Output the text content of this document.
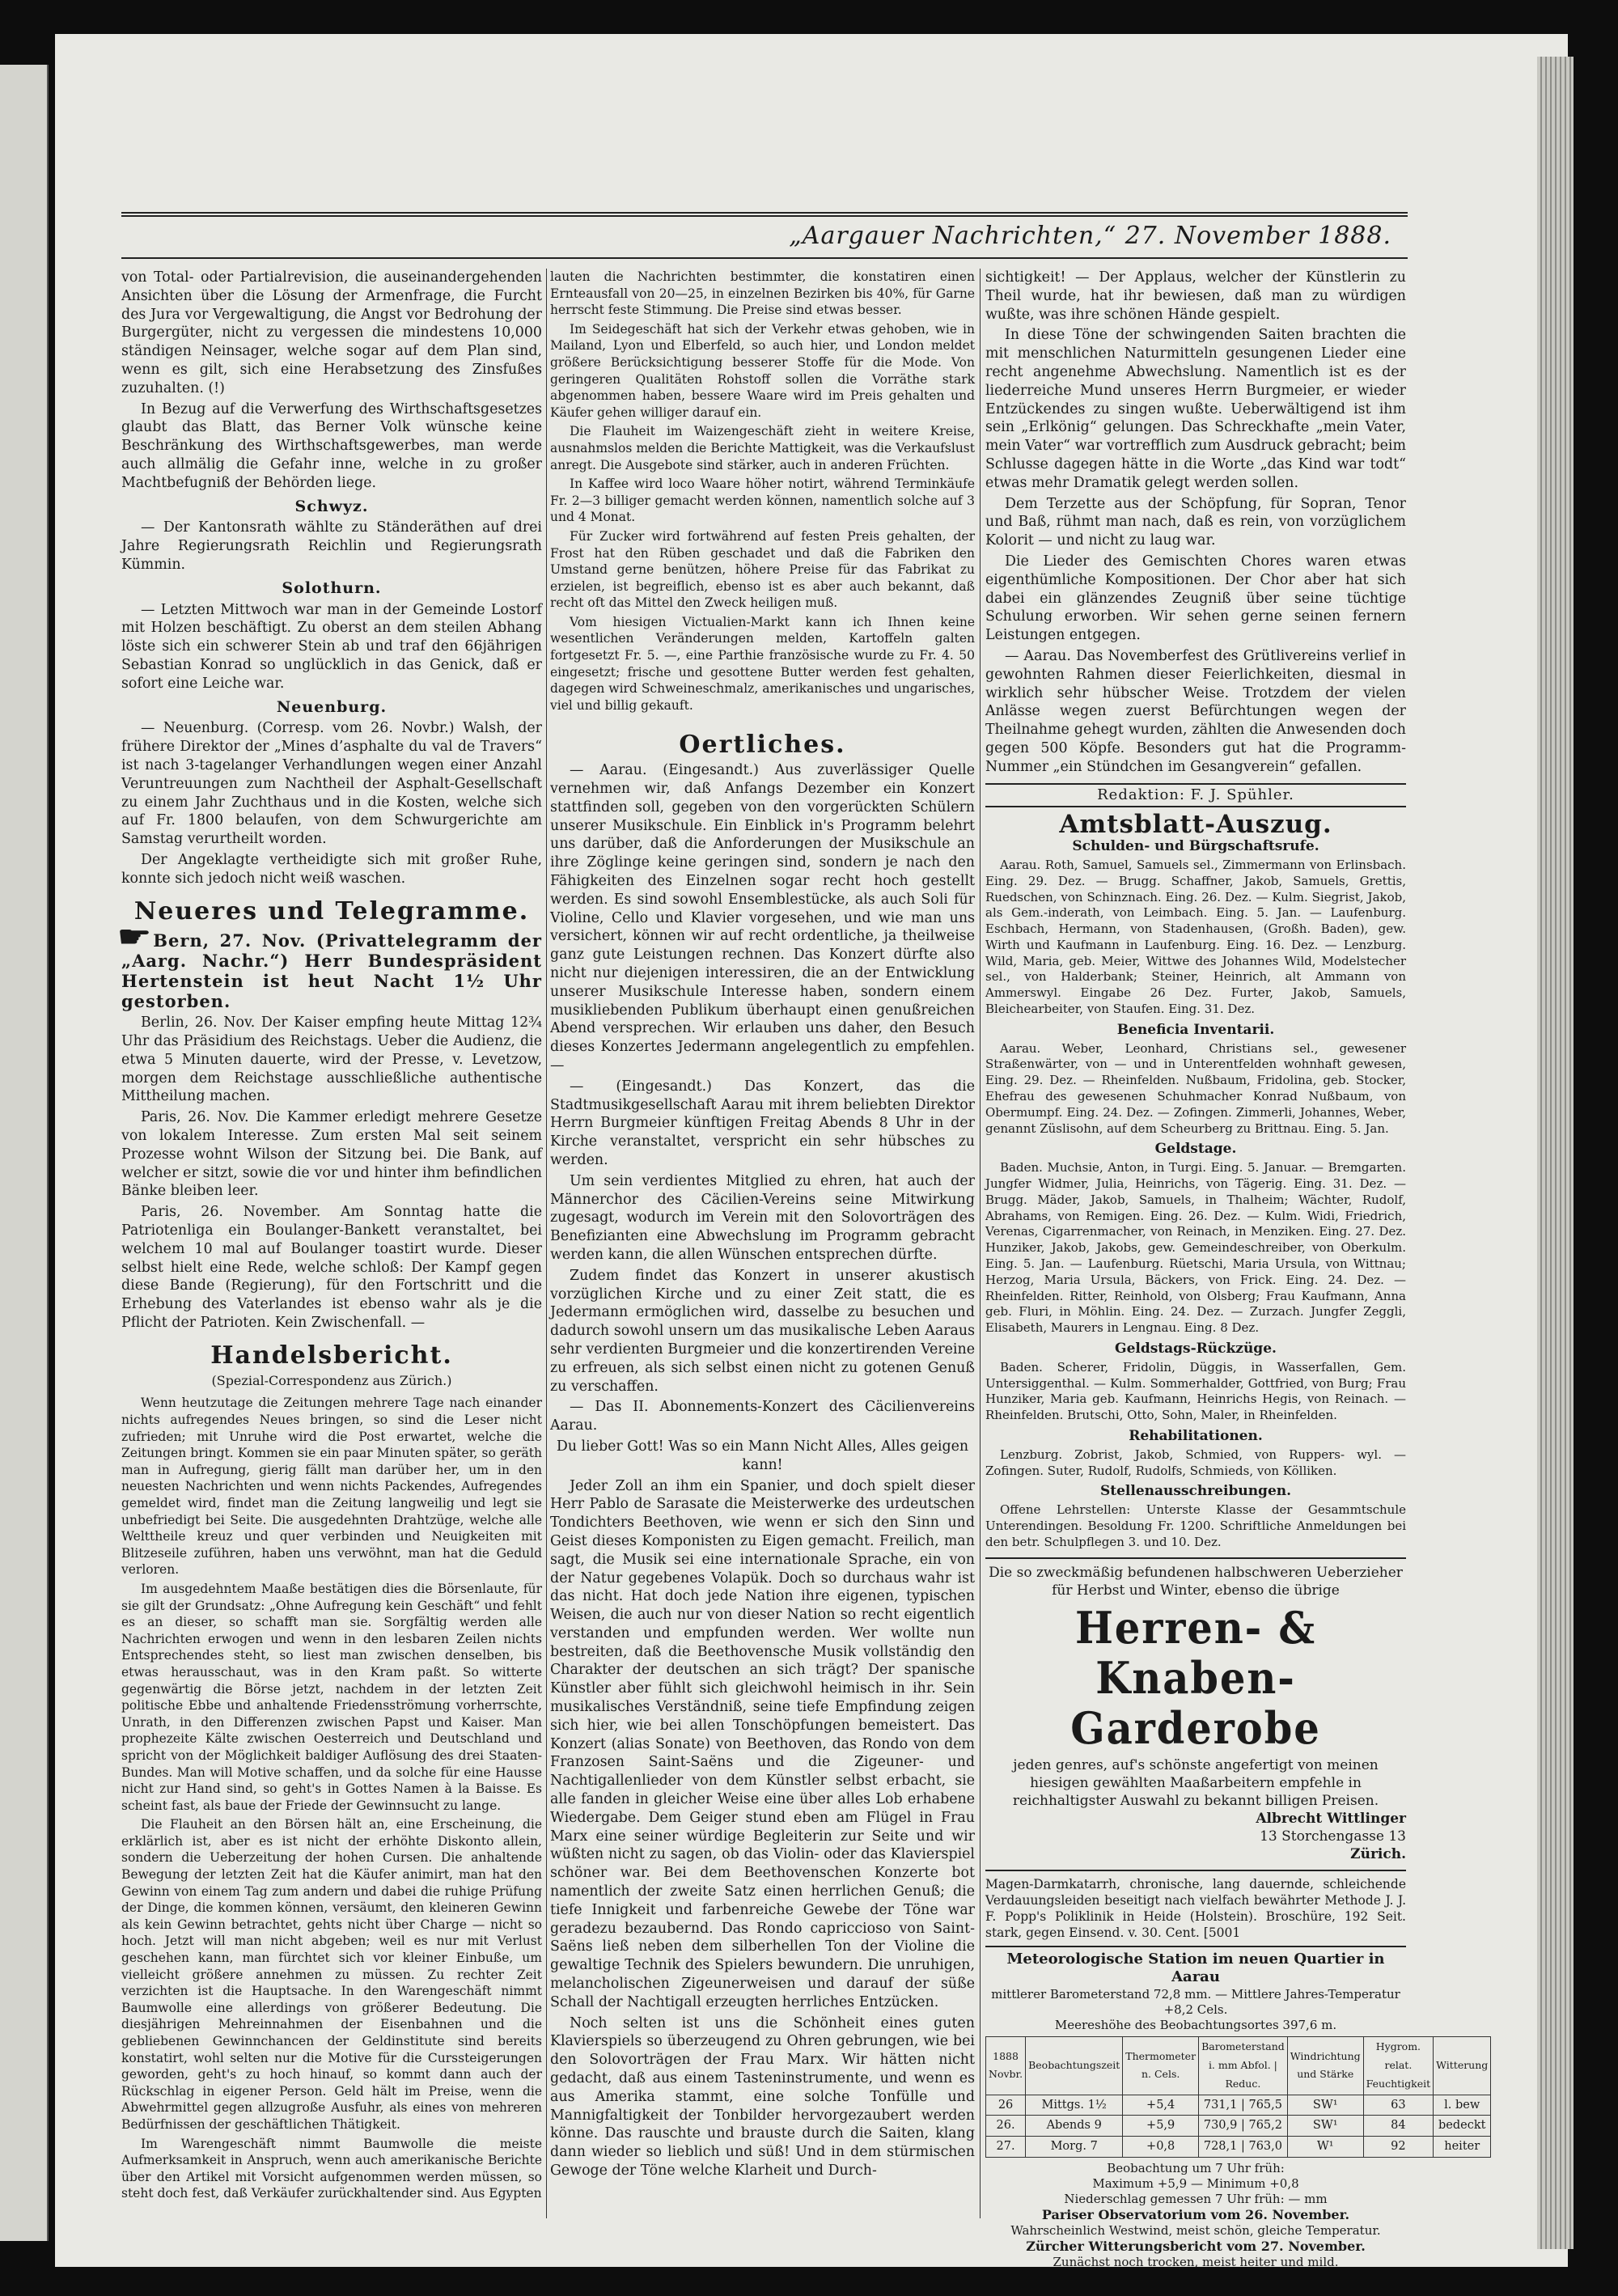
„Aargauer Nachrichten,“ 27. November 1888.

von Total- oder Partialrevision, die auseinandergehenden Ansichten über die Lösung der Armenfrage, die Furcht des Jura vor Vergewaltigung, die Angst vor Bedrohung der Burgergüter, nicht zu vergessen die mindestens 10,000 ständigen Neinsager, welche sogar auf dem Plan sind, wenn es gilt, sich eine Herabsetzung des Zinsfußes zuzuhalten. (!)

In Bezug auf die Verwerfung des Wirthschaftsgesetzes glaubt das Blatt, das Berner Volk wünsche keine Beschränkung des Wirthschaftsgewerbes, man werde auch allmälig die Gefahr inne, welche in zu großer Machtbefugniß der Behörden liege.

Schwyz.

— Der Kantonsrath wählte zu Ständeräthen auf drei Jahre Regierungsrath Reichlin und Regierungsrath Kümmin.

Solothurn.

— Letzten Mittwoch war man in der Gemeinde Lostorf mit Holzen beschäftigt. Zu oberst an dem steilen Abhang löste sich ein schwerer Stein ab und traf den 66jährigen Sebastian Konrad so unglücklich in das Genick, daß er sofort eine Leiche war.

Neuenburg.

— Neuenburg. (Corresp. vom 26. Novbr.) Walsh, der frühere Direktor der „Mines d’asphalte du val de Travers“ ist nach 3-tagelanger Verhandlungen wegen einer Anzahl Veruntreuungen zum Nachtheil der Asphalt-Gesellschaft zu einem Jahr Zuchthaus und in die Kosten, welche sich auf Fr. 1800 belaufen, von dem Schwurgerichte am Samstag verurtheilt worden.

Der Angeklagte vertheidigte sich mit großer Ruhe, konnte sich jedoch nicht weiß waschen.

Neueres und Telegramme.

☛Bern, 27. Nov. (Privattelegramm der „Aarg. Nachr.“) Herr Bundespräsident Hertenstein ist heut Nacht 1½ Uhr gestorben.

Berlin, 26. Nov. Der Kaiser empfing heute Mittag 12¾ Uhr das Präsidium des Reichstags. Ueber die Audienz, die etwa 5 Minuten dauerte, wird der Presse, v. Levetzow, morgen dem Reichstage ausschließliche authentische Mittheilung machen.

Paris, 26. Nov. Die Kammer erledigt mehrere Gesetze von lokalem Interesse. Zum ersten Mal seit seinem Prozesse wohnt Wilson der Sitzung bei. Die Bank, auf welcher er sitzt, sowie die vor und hinter ihm befindlichen Bänke bleiben leer.

Paris, 26. November. Am Sonntag hatte die Patriotenliga ein Boulanger-Bankett veranstaltet, bei welchem 10 mal auf Boulanger toastirt wurde. Dieser selbst hielt eine Rede, welche schloß: Der Kampf gegen diese Bande (Regierung), für den Fortschritt und die Erhebung des Vaterlandes ist ebenso wahr als je die Pflicht der Patrioten. Kein Zwischenfall. —

Handelsbericht.
(Spezial-Correspondenz aus Zürich.)

Wenn heutzutage die Zeitungen mehrere Tage nach einander nichts aufregendes Neues bringen, so sind die Leser nicht zufrieden; mit Unruhe wird die Post erwartet, welche die Zeitungen bringt. Kommen sie ein paar Minuten später, so geräth man in Aufregung, gierig fällt man darüber her, um in den neuesten Nachrichten und wenn nichts Packendes, Aufregendes gemeldet wird, findet man die Zeitung langweilig und legt sie unbefriedigt bei Seite. Die ausgedehnten Drahtzüge, welche alle Welttheile kreuz und quer verbinden und Neuigkeiten mit Blitzeseile zuführen, haben uns verwöhnt, man hat die Geduld verloren.

Im ausgedehntem Maaße bestätigen dies die Börsenlaute, für sie gilt der Grundsatz: „Ohne Aufregung kein Geschäft“ und fehlt es an dieser, so schafft man sie. Sorgfältig werden alle Nachrichten erwogen und wenn in den lesbaren Zeilen nichts Entsprechendes steht, so liest man zwischen denselben, bis etwas herausschaut, was in den Kram paßt. So witterte gegenwärtig die Börse jetzt, nachdem in der letzten Zeit politische Ebbe und anhaltende Friedensströmung vorherrschte, Unrath, in den Differenzen zwischen Papst und Kaiser. Man prophezeite Kälte zwischen Oesterreich und Deutschland und spricht von der Möglichkeit baldiger Auflösung des drei Staaten-Bundes. Man will Motive schaffen, und da solche für eine Hausse nicht zur Hand sind, so geht's in Gottes Namen à la Baisse. Es scheint fast, als baue der Friede der Gewinnsucht zu lange.

Die Flauheit an den Börsen hält an, eine Erscheinung, die erklärlich ist, aber es ist nicht der erhöhte Diskonto allein, sondern die Ueberzeitung der hohen Cursen. Die anhaltende Bewegung der letzten Zeit hat die Käufer animirt, man hat den Gewinn von einem Tag zum andern und dabei die ruhige Prüfung der Dinge, die kommen können, versäumt, den kleineren Gewinn als kein Gewinn betrachtet, gehts nicht über Charge — nicht so hoch. Jetzt will man nicht abgeben; weil es nur mit Verlust geschehen kann, man fürchtet sich vor kleiner Einbuße, um vielleicht größere annehmen zu müssen. Zu rechter Zeit verzichten ist die Hauptsache. In den Warengeschäft nimmt Baumwolle eine allerdings von größerer Bedeutung. Die diesjährigen Mehreinnahmen der Eisenbahnen und die gebliebenen Gewinnchancen der Geldinstitute sind bereits konstatirt, wohl selten nur die Motive für die Curssteigerungen geworden, geht's zu hoch hinauf, so kommt dann auch der Rückschlag in eigener Person. Geld hält im Preise, wenn die Abwehrmittel gegen allzugroße Ausfuhr, als eines von mehreren Bedürfnissen der geschäftlichen Thätigkeit.

Im Warengeschäft nimmt Baumwolle die meiste Aufmerksamkeit in Anspruch, wenn auch amerikanische Berichte über den Artikel mit Vorsicht aufgenommen werden müssen, so steht doch fest, daß Verkäufer zurückhaltender sind. Aus Egypten

lauten die Nachrichten bestimmter, die konstatiren einen Ernteausfall von 20—25, in einzelnen Bezirken bis 40%, für Garne herrscht feste Stimmung. Die Preise sind etwas besser.

Im Seidegeschäft hat sich der Verkehr etwas gehoben, wie in Mailand, Lyon und Elberfeld, so auch hier, und London meldet größere Berücksichtigung besserer Stoffe für die Mode. Von geringeren Qualitäten Rohstoff sollen die Vorräthe stark abgenommen haben, bessere Waare wird im Preis gehalten und Käufer gehen williger darauf ein.

Die Flauheit im Waizengeschäft zieht in weitere Kreise, ausnahmslos melden die Berichte Mattigkeit, was die Verkaufslust anregt. Die Ausgebote sind stärker, auch in anderen Früchten.

In Kaffee wird loco Waare höher notirt, während Terminkäufe Fr. 2—3 billiger gemacht werden können, namentlich solche auf 3 und 4 Monat.

Für Zucker wird fortwährend auf festen Preis gehalten, der Frost hat den Rüben geschadet und daß die Fabriken den Umstand gerne benützen, höhere Preise für das Fabrikat zu erzielen, ist begreiflich, ebenso ist es aber auch bekannt, daß recht oft das Mittel den Zweck heiligen muß.

Vom hiesigen Victualien-Markt kann ich Ihnen keine wesentlichen Veränderungen melden, Kartoffeln galten fortgesetzt Fr. 5. —, eine Parthie französische wurde zu Fr. 4. 50 eingesetzt; frische und gesottene Butter werden fest gehalten, dagegen wird Schweineschmalz, amerikanisches und ungarisches, viel und billig gekauft.

Oertliches.

— Aarau. (Eingesandt.) Aus zuverlässiger Quelle vernehmen wir, daß Anfangs Dezember ein Konzert stattfinden soll, gegeben von den vorgerückten Schülern unserer Musikschule. Ein Einblick in's Programm belehrt uns darüber, daß die Anforderungen der Musikschule an ihre Zöglinge keine geringen sind, sondern je nach den Fähigkeiten des Einzelnen sogar recht hoch gestellt werden. Es sind sowohl Ensemblestücke, als auch Soli für Violine, Cello und Klavier vorgesehen, und wie man uns versichert, können wir auf recht ordentliche, ja theilweise ganz gute Leistungen rechnen. Das Konzert dürfte also nicht nur diejenigen interessiren, die an der Entwicklung unserer Musikschule Interesse haben, sondern einem musikliebenden Publikum überhaupt einen genußreichen Abend versprechen. Wir erlauben uns daher, den Besuch dieses Konzertes Jedermann angelegentlich zu empfehlen. —

— (Eingesandt.) Das Konzert, das die Stadtmusikgesellschaft Aarau mit ihrem beliebten Direktor Herrn Burgmeier künftigen Freitag Abends 8 Uhr in der Kirche veranstaltet, verspricht ein sehr hübsches zu werden.

Um sein verdientes Mitglied zu ehren, hat auch der Männerchor des Cäcilien-Vereins seine Mitwirkung zugesagt, wodurch im Verein mit den Solovorträgen des Benefizianten eine Abwechslung im Programm gebracht werden kann, die allen Wünschen entsprechen dürfte.

Zudem findet das Konzert in unserer akustisch vorzüglichen Kirche und zu einer Zeit statt, die es Jedermann ermöglichen wird, dasselbe zu besuchen und dadurch sowohl unsern um das musikalische Leben Aaraus sehr verdienten Burgmeier und die konzertirenden Vereine zu erfreuen, als sich selbst einen nicht zu gotenen Genuß zu verschaffen.

— Das II. Abonnements-Konzert des Cäcilienvereins Aarau.

Du lieber Gott! Was so ein Mann Nicht Alles, Alles geigen kann!

Jeder Zoll an ihm ein Spanier, und doch spielt dieser Herr Pablo de Sarasate die Meisterwerke des urdeutschen Tondichters Beethoven, wie wenn er sich den Sinn und Geist dieses Komponisten zu Eigen gemacht. Freilich, man sagt, die Musik sei eine internationale Sprache, ein von der Natur gegebenes Volapük. Doch so durchaus wahr ist das nicht. Hat doch jede Nation ihre eigenen, typischen Weisen, die auch nur von dieser Nation so recht eigentlich verstanden und empfunden werden. Wer wollte nun bestreiten, daß die Beethovensche Musik vollständig den Charakter der deutschen an sich trägt? Der spanische Künstler aber fühlt sich gleichwohl heimisch in ihr. Sein musikalisches Verständniß, seine tiefe Empfindung zeigen sich hier, wie bei allen Tonschöpfungen bemeistert. Das Konzert (alias Sonate) von Beethoven, das Rondo von dem Franzosen Saint-Saëns und die Zigeuner- und Nachtigallenlieder von dem Künstler selbst erbacht, sie alle fanden in gleicher Weise eine über alles Lob erhabene Wiedergabe. Dem Geiger stund eben am Flügel in Frau Marx eine seiner würdige Begleiterin zur Seite und wir wüßten nicht zu sagen, ob das Violin- oder das Klavierspiel schöner war. Bei dem Beethovenschen Konzerte bot namentlich der zweite Satz einen herrlichen Genuß; die tiefe Innigkeit und farbenreiche Gewebe der Töne war geradezu bezaubernd. Das Rondo capriccioso von Saint-Saëns ließ neben dem silberhellen Ton der Violine die gewaltige Technik des Spielers bewundern. Die unruhigen, melancholischen Zigeunerweisen und darauf der süße Schall der Nachtigall erzeugten herrliches Entzücken.

Noch selten ist uns die Schönheit eines guten Klavierspiels so überzeugend zu Ohren gebrungen, wie bei den Solovorträgen der Frau Marx. Wir hätten nicht gedacht, daß aus einem Tasteninstrumente, und wenn es aus Amerika stammt, eine solche Tonfülle und Mannigfaltigkeit der Tonbilder hervorgezaubert werden könne. Das rauschte und brauste durch die Saiten, klang dann wieder so lieblich und süß! Und in dem stürmischen Gewoge der Töne welche Klarheit und Durch-

sichtigkeit! — Der Applaus, welcher der Künstlerin zu Theil wurde, hat ihr bewiesen, daß man zu würdigen wußte, was ihre schönen Hände gespielt.

In diese Töne der schwingenden Saiten brachten die mit menschlichen Naturmitteln gesungenen Lieder eine recht angenehme Abwechslung. Namentlich ist es der liederreiche Mund unseres Herrn Burgmeier, er wieder Entzückendes zu singen wußte. Ueberwältigend ist ihm sein „Erlkönig“ gelungen. Das Schreckhafte „mein Vater, mein Vater“ war vortrefflich zum Ausdruck gebracht; beim Schlusse dagegen hätte in die Worte „das Kind war todt“ etwas mehr Dramatik gelegt werden sollen.

Dem Terzette aus der Schöpfung, für Sopran, Tenor und Baß, rühmt man nach, daß es rein, von vorzüglichem Kolorit — und nicht zu laug war.

Die Lieder des Gemischten Chores waren etwas eigenthümliche Kompositionen. Der Chor aber hat sich dabei ein glänzendes Zeugniß über seine tüchtige Schulung erworben. Wir sehen gerne seinen fernern Leistungen entgegen.

— Aarau. Das Novemberfest des Grütlivereins verlief in gewohnten Rahmen dieser Feierlichkeiten, diesmal in wirklich sehr hübscher Weise. Trotzdem der vielen Anlässe wegen zuerst Befürchtungen wegen der Theilnahme gehegt wurden, zählten die Anwesenden doch gegen 500 Köpfe. Besonders gut hat die Programm-Nummer „ein Stündchen im Gesangverein“ gefallen.

Redaktion: F. J. Spühler.
Amtsblatt-Auszug.
Schulden- und Bürgschaftsrufe.

Aarau. Roth, Samuel, Samuels sel., Zimmermann von Erlinsbach. Eing. 29. Dez. — Brugg. Schaffner, Jakob, Samuels, Grettis, Ruedschen, von Schinznach. Eing. 26. Dez. — Kulm. Siegrist, Jakob, als Gem.-inderath, von Leimbach. Eing. 5. Jan. — Laufenburg. Eschbach, Hermann, von Stadenhausen, (Großh. Baden), gew. Wirth und Kaufmann in Laufenburg. Eing. 16. Dez. — Lenzburg. Wild, Maria, geb. Meier, Wittwe des Johannes Wild, Modelstecher sel., von Halderbank; Steiner, Heinrich, alt Ammann von Ammerswyl. Eingabe 26 Dez. Furter, Jakob, Samuels, Bleichearbeiter, von Staufen. Eing. 31. Dez.

Beneficia Inventarii.

Aarau. Weber, Leonhard, Christians sel., gewesener Straßenwärter, von — und in Unterentfelden wohnhaft gewesen, Eing. 29. Dez. — Rheinfelden. Nußbaum, Fridolina, geb. Stocker, Ehefrau des gewesenen Schuhmacher Konrad Nußbaum, von Obermumpf. Eing. 24. Dez. — Zofingen. Zimmerli, Johannes, Weber, genannt Züslisohn, auf dem Scheurberg zu Brittnau. Eing. 5. Jan.

Geldstage.

Baden. Muchsie, Anton, in Turgi. Eing. 5. Januar. — Bremgarten. Jungfer Widmer, Julia, Heinrichs, von Tägerig. Eing. 31. Dez. — Brugg. Mäder, Jakob, Samuels, in Thalheim; Wächter, Rudolf, Abrahams, von Remigen. Eing. 26. Dez. — Kulm. Widi, Friedrich, Verenas, Cigarrenmacher, von Reinach, in Menziken. Eing. 27. Dez. Hunziker, Jakob, Jakobs, gew. Gemeindeschreiber, von Oberkulm. Eing. 5. Jan. — Laufenburg. Rüetschi, Maria Ursula, von Wittnau; Herzog, Maria Ursula, Bäckers, von Frick. Eing. 24. Dez. — Rheinfelden. Ritter, Reinhold, von Olsberg; Frau Kaufmann, Anna geb. Fluri, in Möhlin. Eing. 24. Dez. — Zurzach. Jungfer Zeggli, Elisabeth, Maurers in Lengnau. Eing. 8 Dez.

Geldstags-Rückzüge.

Baden. Scherer, Fridolin, Düggis, in Wasserfallen, Gem. Untersiggenthal. — Kulm. Sommerhalder, Gottfried, von Burg; Frau Hunziker, Maria geb. Kaufmann, Heinrichs Hegis, von Reinach. — Rheinfelden. Brutschi, Otto, Sohn, Maler, in Rheinfelden.

Rehabilitationen.

Lenzburg. Zobrist, Jakob, Schmied, von Ruppers- wyl. — Zofingen. Suter, Rudolf, Rudolfs, Schmieds, von Kölliken.

Stellenausschreibungen.

Offene Lehrstellen: Unterste Klasse der Gesammtschule Unterendingen. Besoldung Fr. 1200. Schriftliche Anmeldungen bei den betr. Schulpflegen 3. und 10. Dez.

Die so zweckmäßig befundenen halbschweren Ueberzieher für Herbst und Winter, ebenso die übrige
Herren- & Knaben-Garderobe
jeden genres, auf's schönste angefertigt von meinen hiesigen gewählten Maaßarbeitern empfehle in reichhaltigster Auswahl zu bekannt billigen Preisen.
Albrecht Wittlinger
13 Storchengasse 13
Zürich.
Magen-Darmkatarrh, chronische, lang dauernde, schleichende Verdauungsleiden beseitigt nach vielfach bewährter Methode J. J. F. Popp's Poliklinik in Heide (Holstein). Broschüre, 192 Seit. stark, gegen Einsend. v. 30. Cent. [5001
Meteorologische Station im neuen Quartier in Aarau
mittlerer Barometerstand 72,8 mm. — Mittlere Jahres-Temperatur +8,2 Cels.
Meereshöhe des Beobachtungsortes 397,6 m.
1888 Novbr.	Beobachtungszeit	Thermometer n. Cels.	Barometerstand i. mm Abfol. | Reduc.	Windrichtung und Stärke	Hygrom. relat. Feuchtigkeit	Witterung
26	Mittgs. 1½	+5,4	731,1 | 765,5	SW¹	63	l. bew
26.	Abends 9	+5,9	730,9 | 765,2	SW¹	84	bedeckt
27.	Morg. 7	+0,8	728,1 | 763,0	W¹	92	heiter
Beobachtung um 7 Uhr früh:
Maximum +5,9 — Minimum +0,8
Niederschlag gemessen 7 Uhr früh: — mm
Pariser Observatorium vom 26. November.
Wahrscheinlich Westwind, meist schön, gleiche Temperatur.
Zürcher Witterungsbericht vom 27. November.
Zunächst noch trocken, meist heiter und mild.
